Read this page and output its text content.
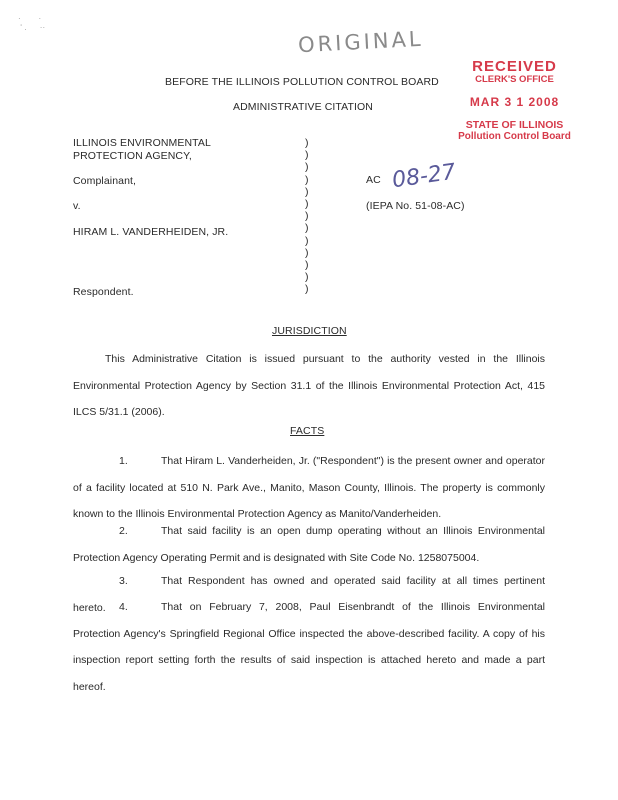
·        ·
‘ .      ··	ORIGINAL
BEFORE THE ILLINOIS POLLUTION CONTROL BOARD
ADMINISTRATIVE CITATION
RECEIVED
CLERK'S OFFICE
MAR 3 1 2008
STATE OF ILLINOIS
Pollution Control Board
ILLINOIS ENVIRONMENTAL
PROTECTION AGENCY,
Complainant,
v.
HIRAM L. VANDERHEIDEN, JR.
Respondent.
)
)
)
)
)
)
)
)
)
)
)
)
)
AC 08-27
(IEPA No. 51-08-AC)
JURISDICTION
This Administrative Citation is issued pursuant to the authority vested in the Illinois Environmental Protection Agency by Section 31.1 of the Illinois Environmental Protection Act, 415 ILCS 5/31.1 (2006).
FACTS
1.	That Hiram L. Vanderheiden, Jr. ("Respondent") is the present owner and operator of a facility located at 510 N. Park Ave., Manito, Mason County, Illinois. The property is commonly known to the Illinois Environmental Protection Agency as Manito/Vanderheiden.
2.	That said facility is an open dump operating without an Illinois Environmental Protection Agency Operating Permit and is designated with Site Code No. 1258075004.
3.	That Respondent has owned and operated said facility at all times pertinent hereto.	4.	That on February 7, 2008, Paul Eisenbrandt of the Illinois Environmental Protection Agency's Springfield Regional Office inspected the above-described facility. A copy of his inspection report setting forth the results of said inspection is attached hereto and made a part hereof.
